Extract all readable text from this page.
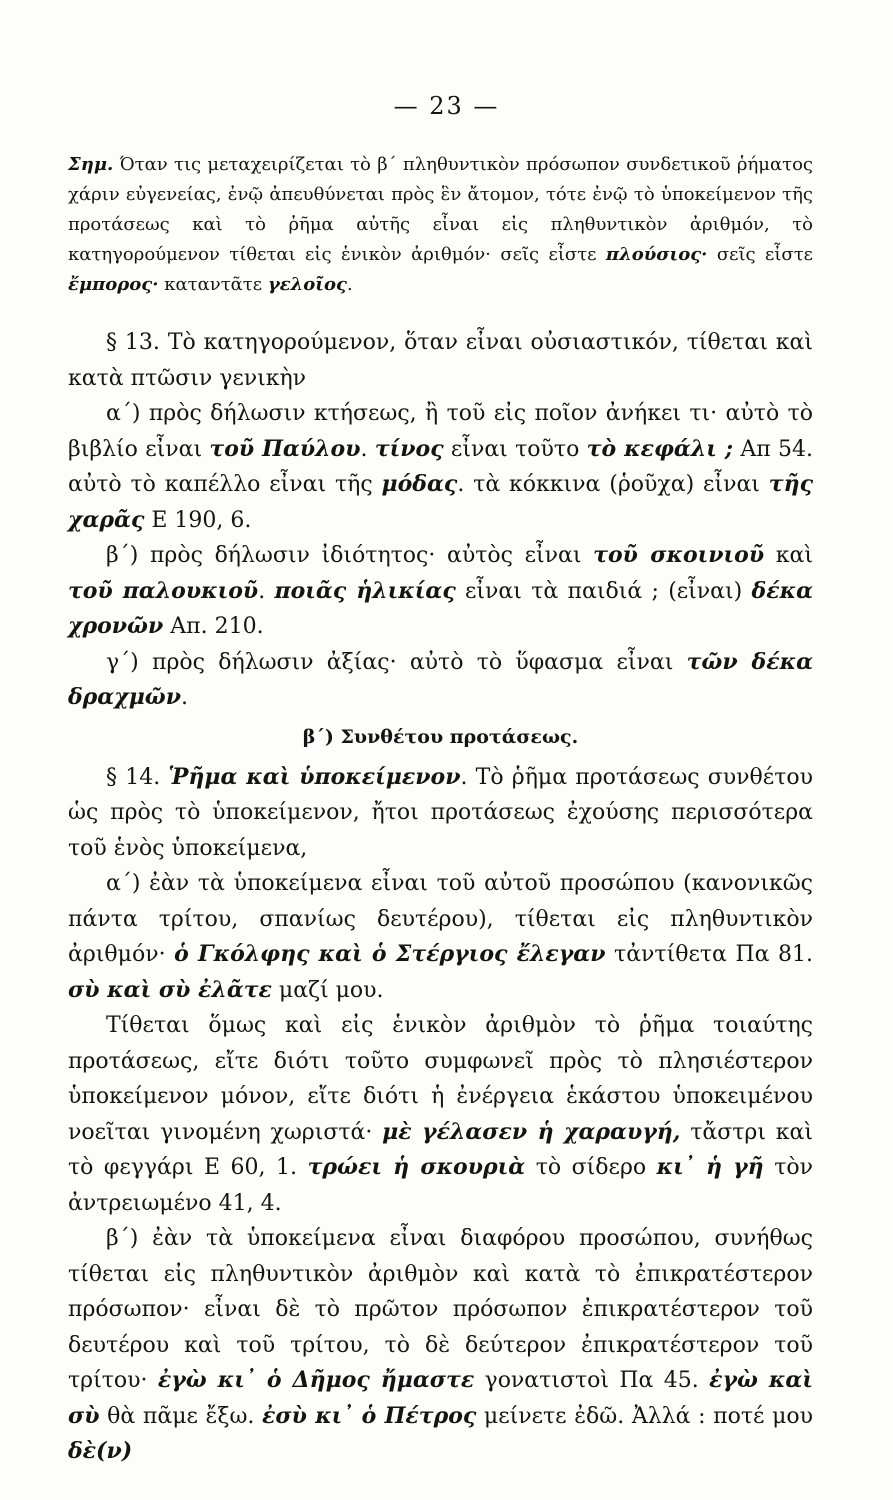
— 23 —
Σημ. Όταν τις μεταχειρίζεται τὸ β΄ πληθυντικὸν πρόσωπον συνδετικοῦ ῥήματος χάριν εὐγενείας, ἐνῷ ἀπευθύνεται πρὸς ἓν ἄτομον, τότε ἐνῷ τὸ ὑποκείμενον τῆς προτάσεως καὶ τὸ ῥῆμα αὐτῆς εἶναι εἰς πληθυντικὸν ἀριθμόν, τὸ κατηγορούμενον τίθεται εἰς ἑνικὸν ἀριθμόν· σεῖς εἶστε πλούσιος· σεῖς εἶστε ἔμπορος· καταντᾶτε γελοῖος.

§ 13. Τὸ κατηγορούμενον, ὅταν εἶναι οὐσιαστικόν, τίθεται καὶ κατὰ πτῶσιν γενικὴν

α΄) πρὸς δήλωσιν κτήσεως, ἢ τοῦ εἰς ποῖον ἀνήκει τι· αὐτὸ τὸ βιβλίο εἶναι τοῦ Παύλου. τίνος εἶναι τοῦτο τὸ κεφάλι ; Απ 54. αὐτὸ τὸ καπέλλο εἶναι τῆς μόδας. τὰ κόκκινα (ῥοῦχα) εἶναι τῆς χαρᾶς Ε 190, 6.

β΄) πρὸς δήλωσιν ἰδιότητος· αὐτὸς εἶναι τοῦ σκοινιοῦ καὶ τοῦ παλουκιοῦ. ποιᾶς ἡλικίας εἶναι τὰ παιδιά ; (εἶναι) δέκα χρονῶν Απ. 210.

γ΄) πρὸς δήλωσιν ἀξίας· αὐτὸ τὸ ὕφασμα εἶναι τῶν δέκα δραχμῶν.

β΄) Συνθέτου προτάσεως.

§ 14. Ῥῆμα καὶ ὑποκείμενον. Τὸ ῥῆμα προτάσεως συνθέτου ὡς πρὸς τὸ ὑποκείμενον, ἤτοι προτάσεως ἐχούσης περισσότερα τοῦ ἑνὸς ὑποκείμενα,

α΄) ἐὰν τὰ ὑποκείμενα εἶναι τοῦ αὐτοῦ προσώπου (κανονικῶς πάντα τρίτου, σπανίως δευτέρου), τίθεται εἰς πληθυντικὸν ἀριθμόν· ὁ Γκόλφης καὶ ὁ Στέργιος ἔλεγαν τἀντίθετα Πα 81. σὺ καὶ σὺ ἐλᾶτε μαζί μου.

Τίθεται ὅμως καὶ εἰς ἑνικὸν ἀριθμὸν τὸ ῥῆμα τοιαύτης προτάσεως, εἴτε διότι τοῦτο συμφωνεῖ πρὸς τὸ πλησιέστερον ὑποκείμενον μόνον, εἴτε διότι ἡ ἐνέργεια ἑκάστου ὑποκειμένου νοεῖται γινομένη χωριστά· μὲ γέλασεν ἡ χαραυγή, τἄστρι καὶ τὸ φεγγάρι Ε 60, 1. τρώει ἡ σκουριὰ τὸ σίδερο κι᾽ ἡ γῆ τὸν ἀντρειωμένο 41, 4.

β΄) ἐὰν τὰ ὑποκείμενα εἶναι διαφόρου προσώπου, συνήθως τίθεται εἰς πληθυντικὸν ἀριθμὸν καὶ κατὰ τὸ ἐπικρατέστερον πρόσωπον· εἶναι δὲ τὸ πρῶτον πρόσωπον ἐπικρατέστερον τοῦ δευτέρου καὶ τοῦ τρίτου, τὸ δὲ δεύτερον ἐπικρατέστερον τοῦ τρίτου· ἐγὼ κι᾽ ὁ Δῆμος ἤμαστε γονατιστοὶ Πα 45. ἐγὼ καὶ σὺ θὰ πᾶμε ἔξω. ἐσὺ κι᾽ ὁ Πέτρος μείνετε ἐδῶ. Ἀλλά : ποτέ μου δὲ(ν)
